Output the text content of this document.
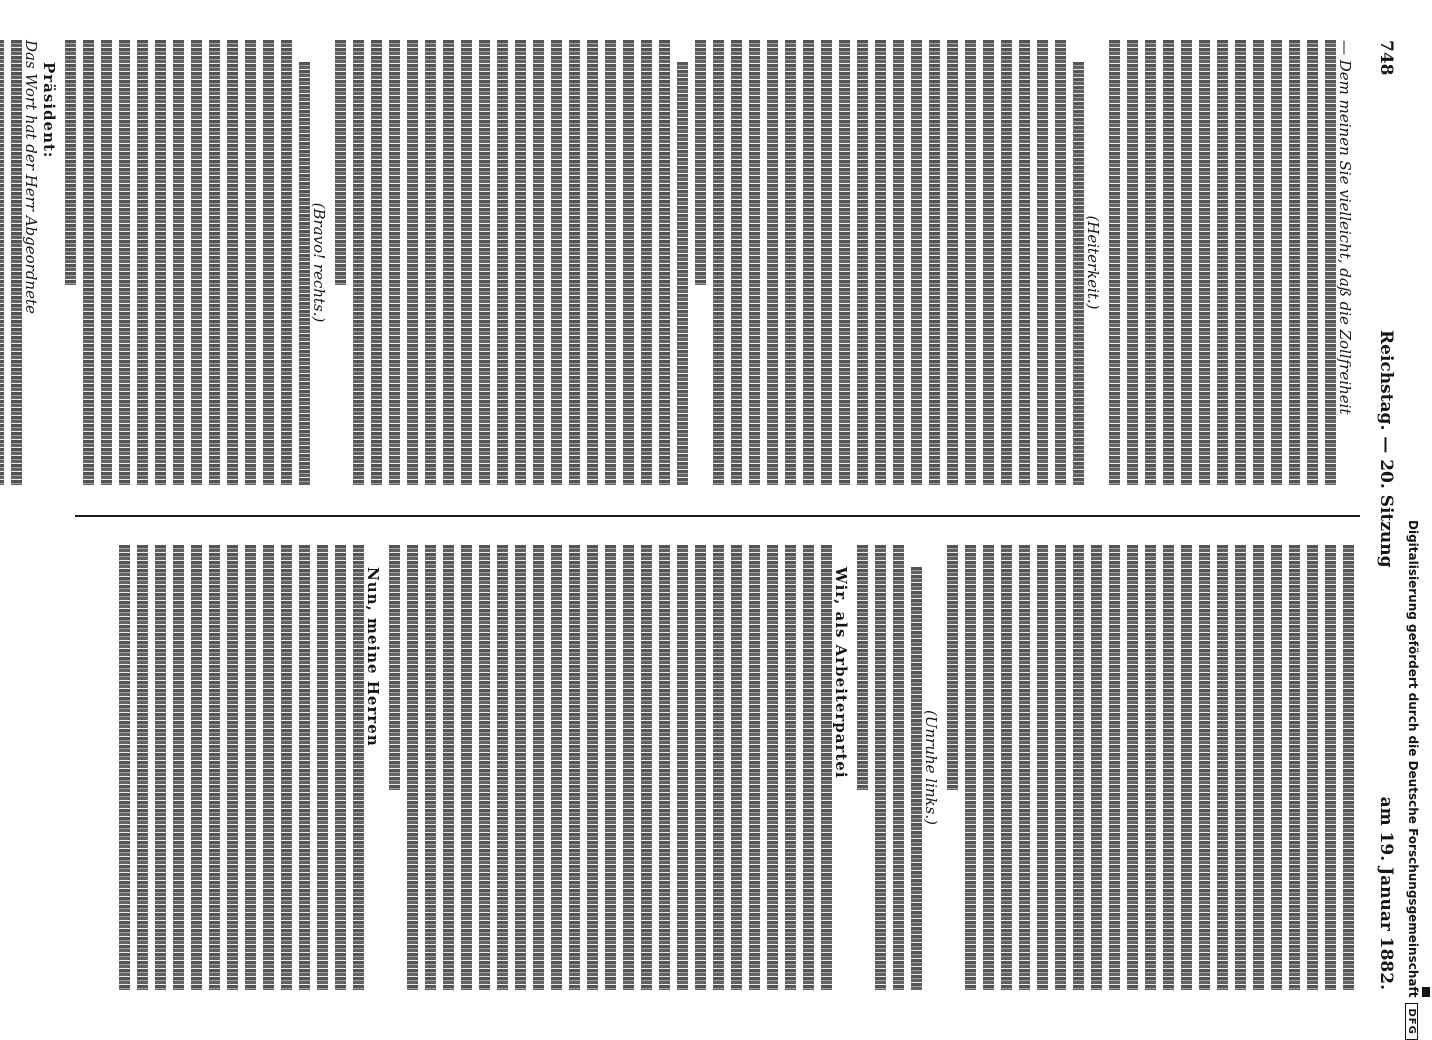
748
Reichstag. — 20. Sitzung
am 19. Januar 1882.
— Dem meinen Sie vielleicht, daß die Zollfreiheit
(Heiterkeit.)
(Bravo! rechts.)
Präsident:
Das Wort hat der Herr Abgeordnete
(Unruhe links.)
Wir, als Arbeiterpartei
Nun, meine Herren	Digitalisierung gefördert durch die Deutsche ForschungsgemeinschaftDFG
